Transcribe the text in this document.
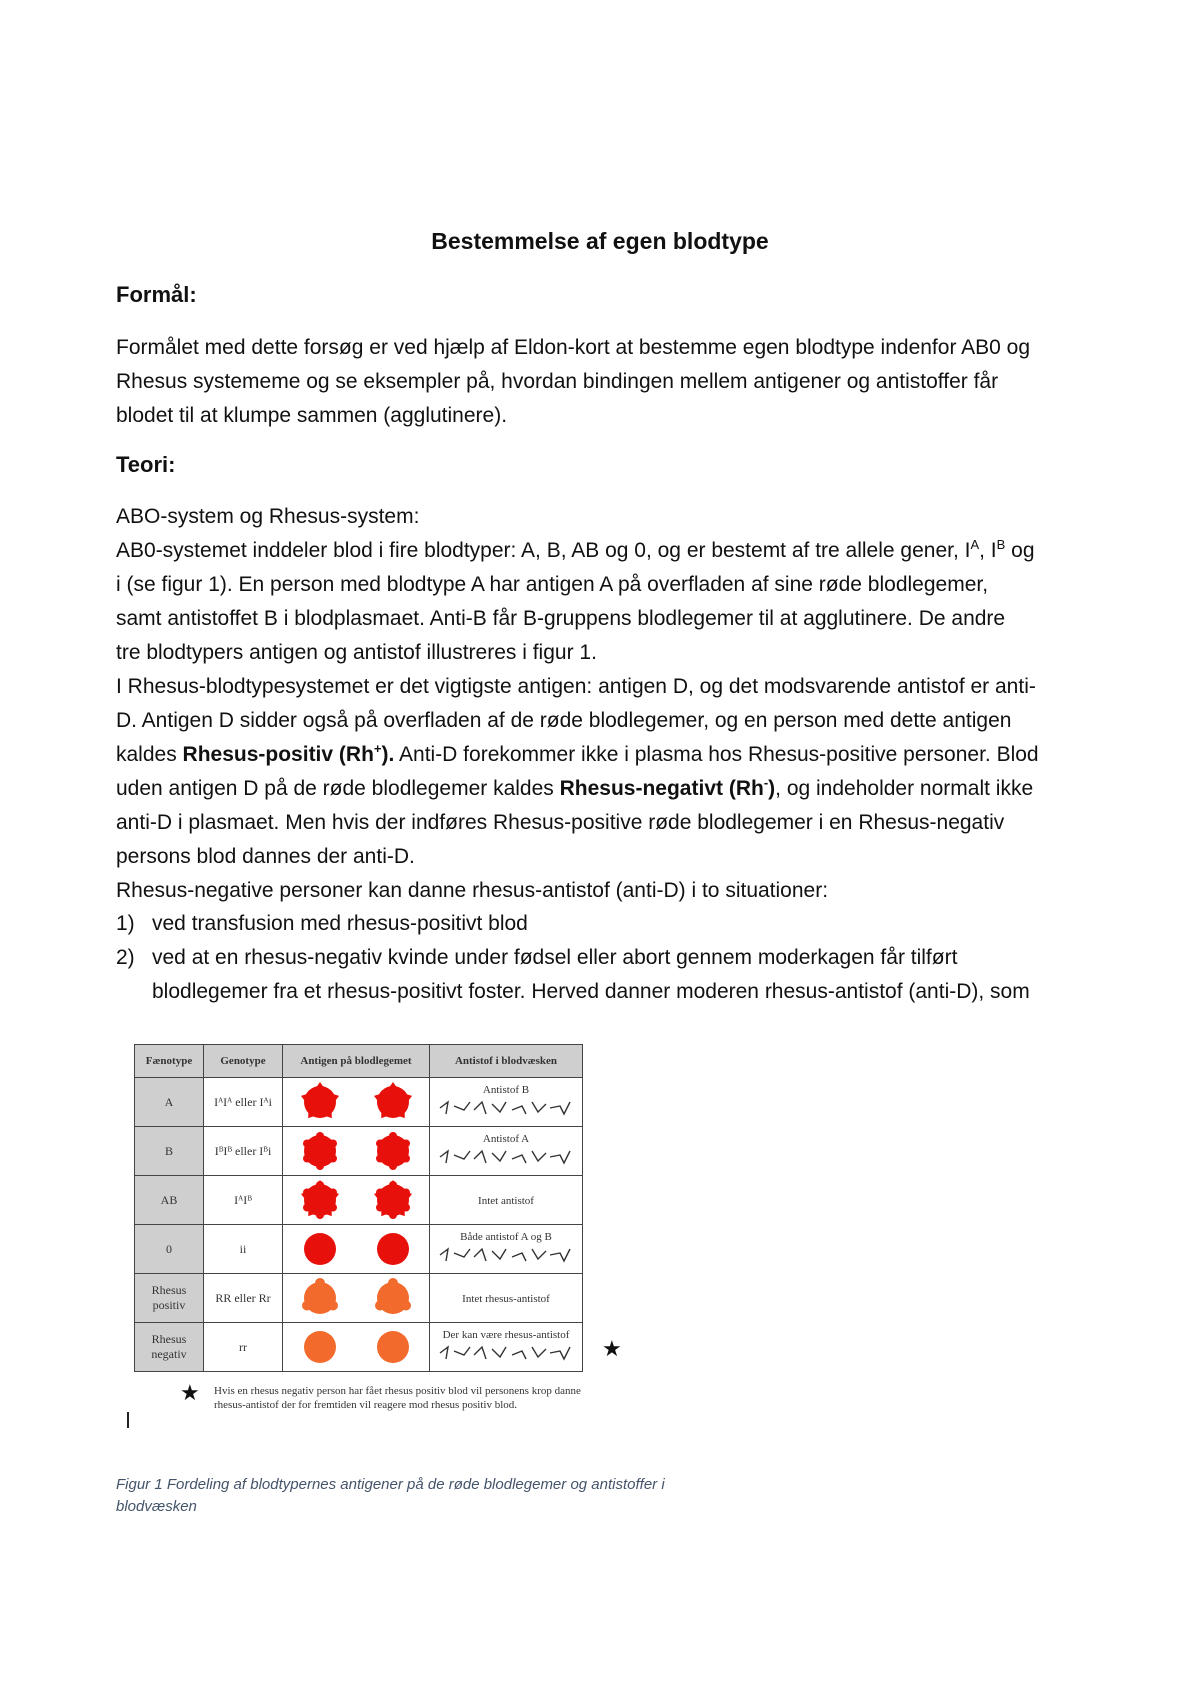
Bestemmelse af egen blodtype
Formål:
Formålet med dette forsøg er ved hjælp af Eldon-kort at bestemme egen blodtype indenfor AB0 og
Rhesus systememe og se eksempler på, hvordan bindingen mellem antigener og antistoffer får
blodet til at klumpe sammen (agglutinere).
Teori:
ABO-system og Rhesus-system:
AB0-systemet inddeler blod i fire blodtyper: A, B, AB og 0, og er bestemt af tre allele gener, $I^A$, $I^B$ og
i (se figur 1). En person med blodtype A har antigen A på overfladen af sine røde blodlegemer,
samt antistoffet B i blodplasmaet. Anti-B får B-gruppens blodlegemer til at agglutinere. De andre
tre blodtypers antigen og antistof illustreres i figur 1.
I Rhesus-blodtypesystemet er det vigtigste antigen: antigen D, og det modsvarende antistof er anti-
D. Antigen D sidder også på overfladen af de røde blodlegemer, og en person med dette antigen
kaldes Rhesus-positiv (Rh+). Anti-D forekommer ikke i plasma hos Rhesus-positive personer. Blod
uden antigen D på de røde blodlegemer kaldes Rhesus-negativt (Rh-), og indeholder normalt ikke
anti-D i plasmaet. Men hvis der indføres Rhesus-positive røde blodlegemer i en Rhesus-negativ
persons blod dannes der anti-D.
Rhesus-negative personer kan danne rhesus-antistof (anti-D) i to situationer:
1) ved transfusion med rhesus-positivt blod
2) ved at en rhesus-negativ kvinde under fødsel eller abort gennem moderkagen får tilført
blodlegemer fra et rhesus-positivt foster. Herved danner moderen rhesus-antistof (anti-D), som
Fænotype	Genotype	Antigen på blodlegemet	Antistof i blodvæsken
A	IᴬIᴬ eller Iᴬi		Antistof B

B	IᴮIᴮ eller Iᴮi		Antistof A

AB	IᴬIᴮ		Intet antistof

0	ii		Både antistof A og B

Rhesus positiv	RR eller Rr		Intet rhesus-antistof

Rhesus negativ	rr		Der kan være rhesus-antistof
★
★ Hvis en rhesus negativ person har fået rhesus positiv blod vil personens krop danne rhesus-antistof der for fremtiden vil reagere mod rhesus positiv blod.
Figur 1 Fordeling af blodtypernes antigener på de røde blodlegemer og antistoffer i blodvæsken
